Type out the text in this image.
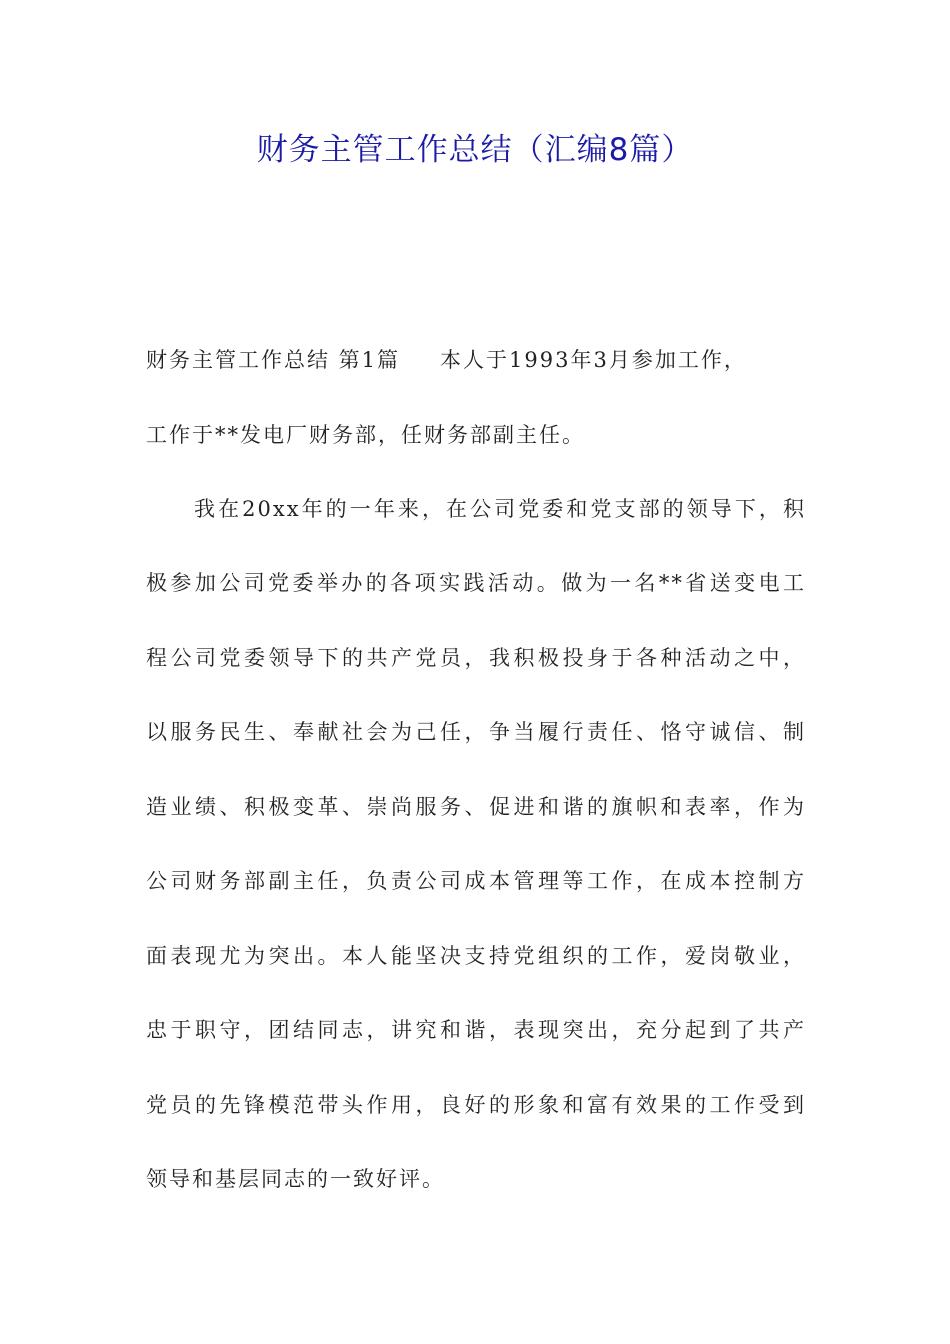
财务主管工作总结（汇编8篇）
财务主管工作总结 第1篇 本人于1993年3月参加工作，
工作于**发电厂财务部，任财务部副主任。
我在20xx年的一年来，在公司党委和党支部的领导下，积
极参加公司党委举办的各项实践活动。做为一名**省送变电工
程公司党委领导下的共产党员，我积极投身于各种活动之中，
以服务民生、奉献社会为己任，争当履行责任、恪守诚信、制
造业绩、积极变革、崇尚服务、促进和谐的旗帜和表率，作为
公司财务部副主任，负责公司成本管理等工作，在成本控制方
面表现尤为突出。本人能坚决支持党组织的工作，爱岗敬业，
忠于职守，团结同志，讲究和谐，表现突出，充分起到了共产
党员的先锋模范带头作用，良好的形象和富有效果的工作受到
领导和基层同志的一致好评。
